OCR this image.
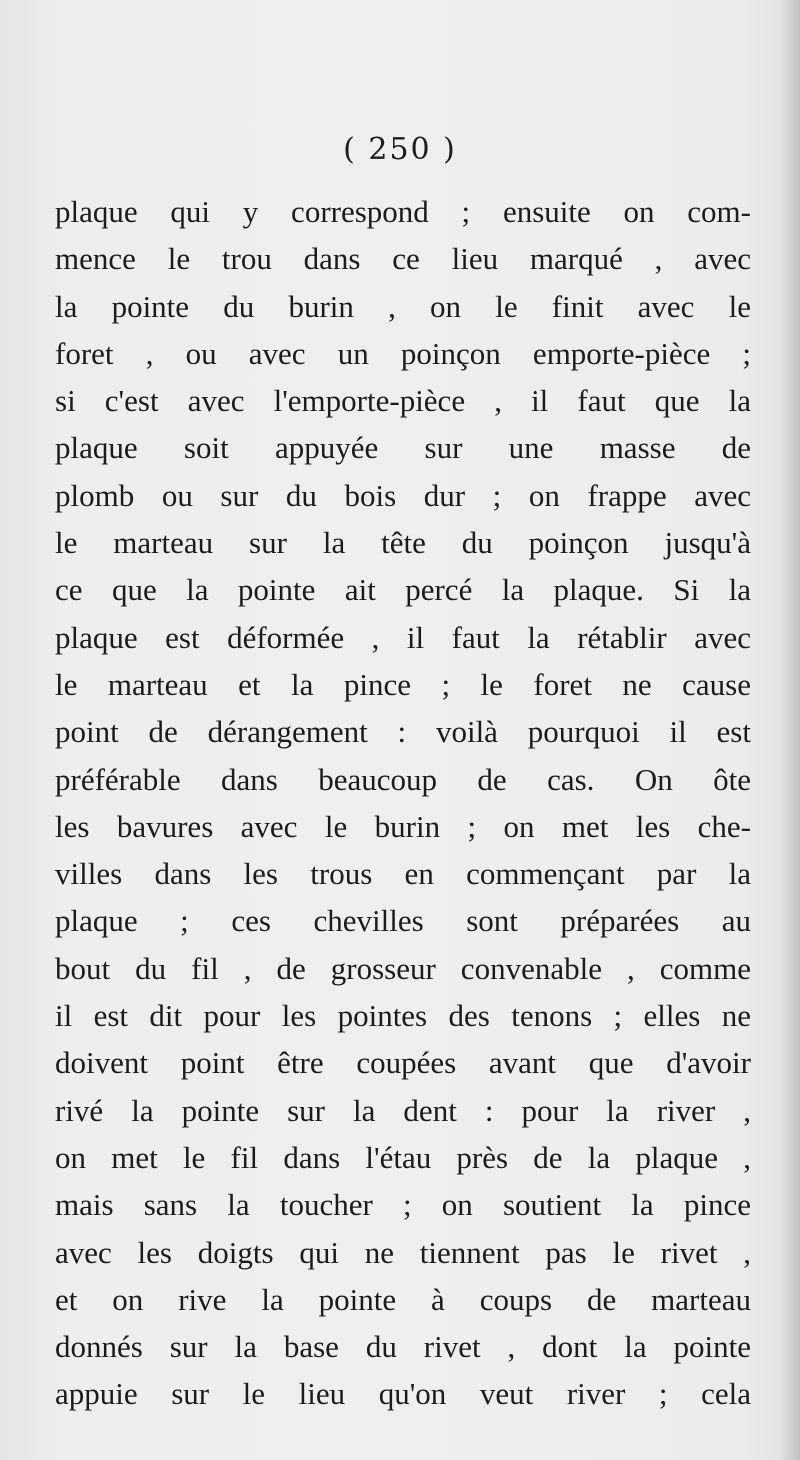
( 250 )
plaque qui y correspond ; ensuite on com-
mence le trou dans ce lieu marqué , avec
la pointe du burin , on le finit avec le
foret , ou avec un poinçon emporte-pièce ;
si c'est avec l'emporte-pièce , il faut que la
plaque soit appuyée sur une masse de
plomb ou sur du bois dur ; on frappe avec
le marteau sur la tête du poinçon jusqu'à
ce que la pointe ait percé la plaque. Si la
plaque est déformée , il faut la rétablir avec
le marteau et la pince ; le foret ne cause
point de dérangement : voilà pourquoi il est
préférable dans beaucoup de cas. On ôte
les bavures avec le burin ; on met les che-
villes dans les trous en commençant par la
plaque ; ces chevilles sont préparées au
bout du fil , de grosseur convenable , comme
il est dit pour les pointes des tenons ; elles ne
doivent point être coupées avant que d'avoir
rivé la pointe sur la dent : pour la river ,
on met le fil dans l'étau près de la plaque ,
mais sans la toucher ; on soutient la pince
avec les doigts qui ne tiennent pas le rivet ,
et on rive la pointe à coups de marteau
donnés sur la base du rivet , dont la pointe
appuie sur le lieu qu'on veut river ; cela
